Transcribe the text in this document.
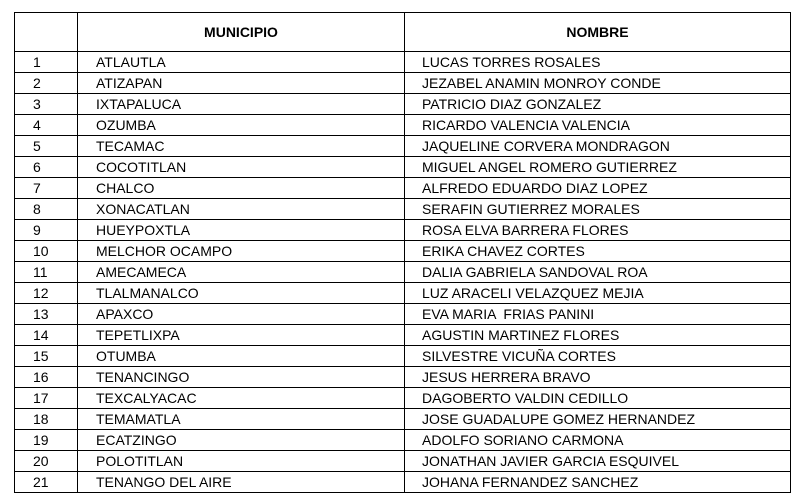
	MUNICIPIO	NOMBRE
1	ATLAUTLA	LUCAS TORRES ROSALES
2	ATIZAPAN	JEZABEL ANAMIN MONROY CONDE
3	IXTAPALUCA	PATRICIO DIAZ GONZALEZ
4	OZUMBA	RICARDO VALENCIA VALENCIA
5	TECAMAC	JAQUELINE CORVERA MONDRAGON
6	COCOTITLAN	MIGUEL ANGEL ROMERO GUTIERREZ
7	CHALCO	ALFREDO EDUARDO DIAZ LOPEZ
8	XONACATLAN	SERAFIN GUTIERREZ MORALES
9	HUEYPOXTLA	ROSA ELVA BARRERA FLORES
10	MELCHOR OCAMPO	ERIKA CHAVEZ CORTES
11	AMECAMECA	DALIA GABRIELA SANDOVAL ROA
12	TLALMANALCO	LUZ ARACELI VELAZQUEZ MEJIA
13	APAXCO	EVA MARIA  FRIAS PANINI
14	TEPETLIXPA	AGUSTIN MARTINEZ FLORES
15	OTUMBA	SILVESTRE VICUÑA CORTES
16	TENANCINGO	JESUS HERRERA BRAVO
17	TEXCALYACAC	DAGOBERTO VALDIN CEDILLO
18	TEMAMATLA	JOSE GUADALUPE GOMEZ HERNANDEZ
19	ECATZINGO	ADOLFO SORIANO CARMONA
20	POLOTITLAN	JONATHAN JAVIER GARCIA ESQUIVEL
21	TENANGO DEL AIRE	JOHANA FERNANDEZ SANCHEZ
